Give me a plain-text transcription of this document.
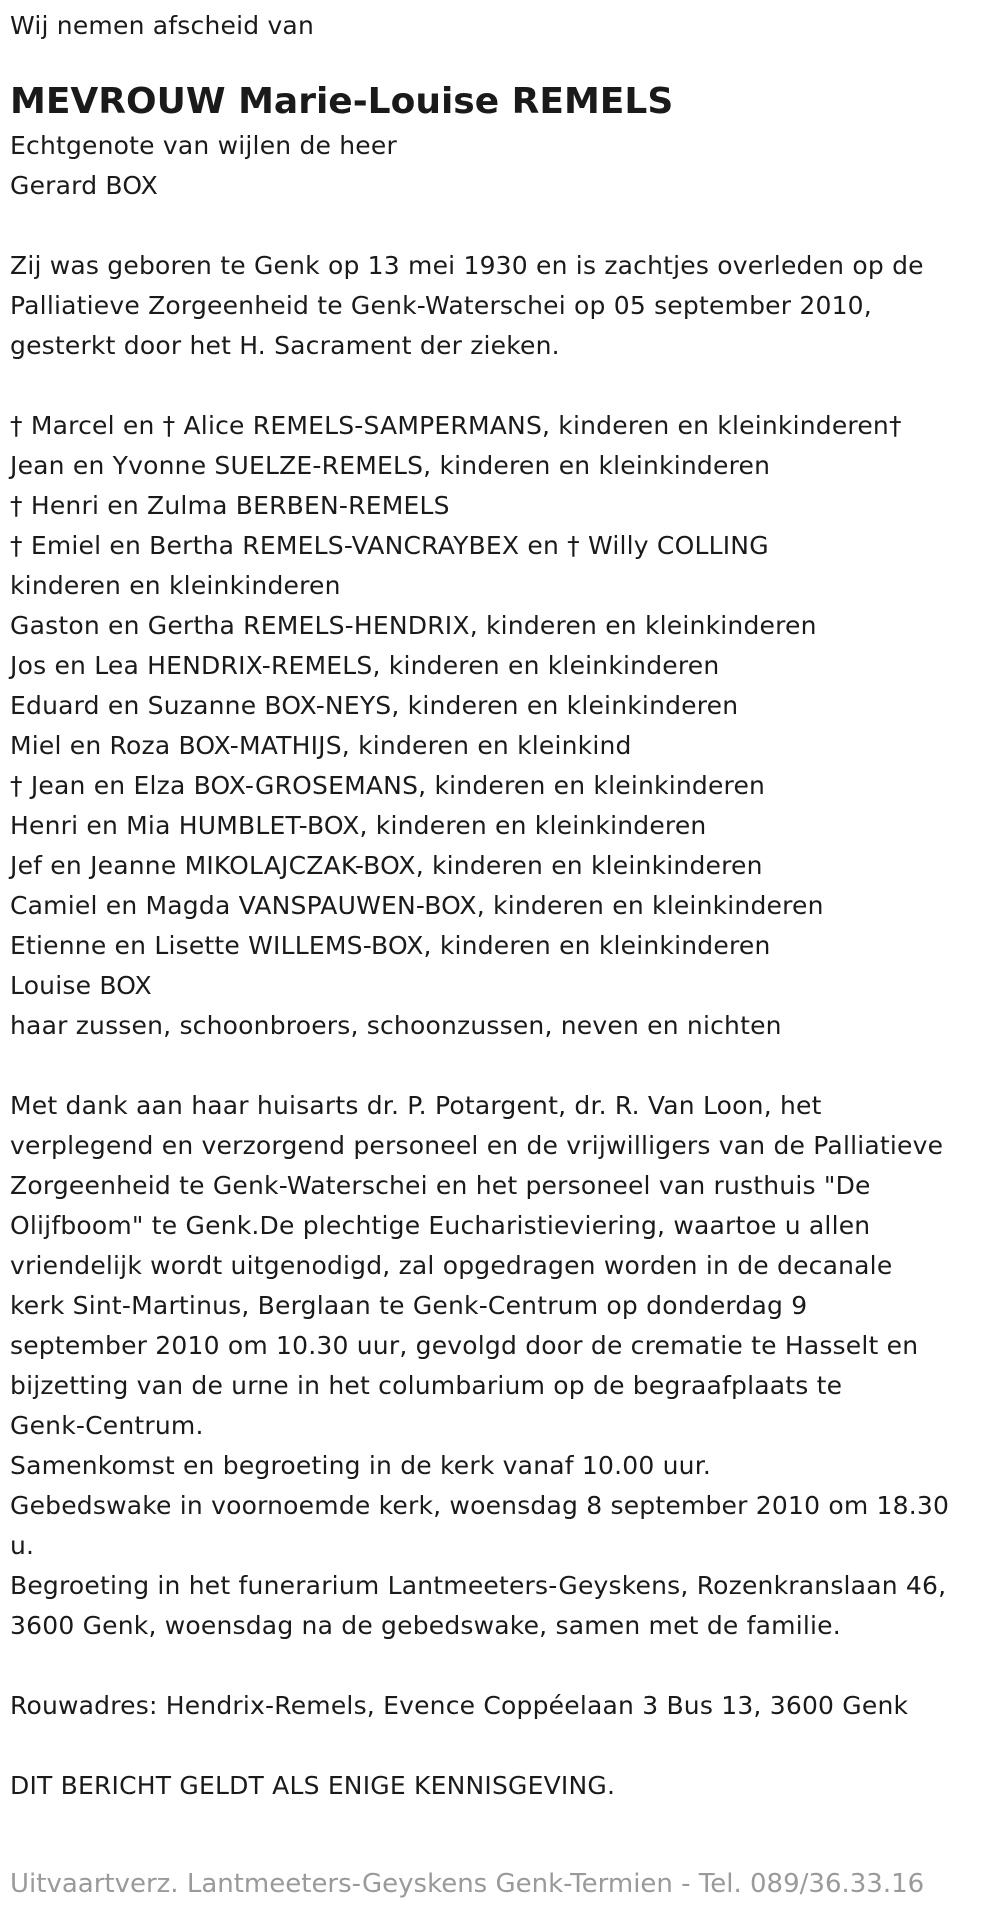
Wij nemen afscheid van
MEVROUW Marie-Louise REMELS
Echtgenote van wijlen de heer
Gerard BOX
Zij was geboren te Genk op 13 mei 1930 en is zachtjes overleden op de
Palliatieve Zorgeenheid te Genk-Waterschei op 05 september 2010,
gesterkt door het H. Sacrament der zieken.
† Marcel en † Alice REMELS-SAMPERMANS, kinderen en kleinkinderen†
Jean en Yvonne SUELZE-REMELS, kinderen en kleinkinderen
† Henri en Zulma BERBEN-REMELS
† Emiel en Bertha REMELS-VANCRAYBEX en † Willy COLLING
kinderen en kleinkinderen
Gaston en Gertha REMELS-HENDRIX, kinderen en kleinkinderen
Jos en Lea HENDRIX-REMELS, kinderen en kleinkinderen
Eduard en Suzanne BOX-NEYS, kinderen en kleinkinderen
Miel en Roza BOX-MATHIJS, kinderen en kleinkind
† Jean en Elza BOX-GROSEMANS, kinderen en kleinkinderen
Henri en Mia HUMBLET-BOX, kinderen en kleinkinderen
Jef en Jeanne MIKOLAJCZAK-BOX, kinderen en kleinkinderen
Camiel en Magda VANSPAUWEN-BOX, kinderen en kleinkinderen
Etienne en Lisette WILLEMS-BOX, kinderen en kleinkinderen
Louise BOX
haar zussen, schoonbroers, schoonzussen, neven en nichten
Met dank aan haar huisarts dr. P. Potargent, dr. R. Van Loon, het
verplegend en verzorgend personeel en de vrijwilligers van de Palliatieve
Zorgeenheid te Genk-Waterschei en het personeel van rusthuis "De
Olijfboom" te Genk.De plechtige Eucharistieviering, waartoe u allen
vriendelijk wordt uitgenodigd, zal opgedragen worden in de decanale
kerk Sint-Martinus, Berglaan te Genk-Centrum op donderdag 9
september 2010 om 10.30 uur, gevolgd door de crematie te Hasselt en
bijzetting van de urne in het columbarium op de begraafplaats te
Genk-Centrum.
Samenkomst en begroeting in de kerk vanaf 10.00 uur.
Gebedswake in voornoemde kerk, woensdag 8 september 2010 om 18.30
u.
Begroeting in het funerarium Lantmeeters-Geyskens, Rozenkranslaan 46,
3600 Genk, woensdag na de gebedswake, samen met de familie.
Rouwadres: Hendrix-Remels, Evence Coppéelaan 3 Bus 13, 3600 Genk
DIT BERICHT GELDT ALS ENIGE KENNISGEVING.
Uitvaartverz. Lantmeeters-Geyskens Genk-Termien - Tel. 089/36.33.16
